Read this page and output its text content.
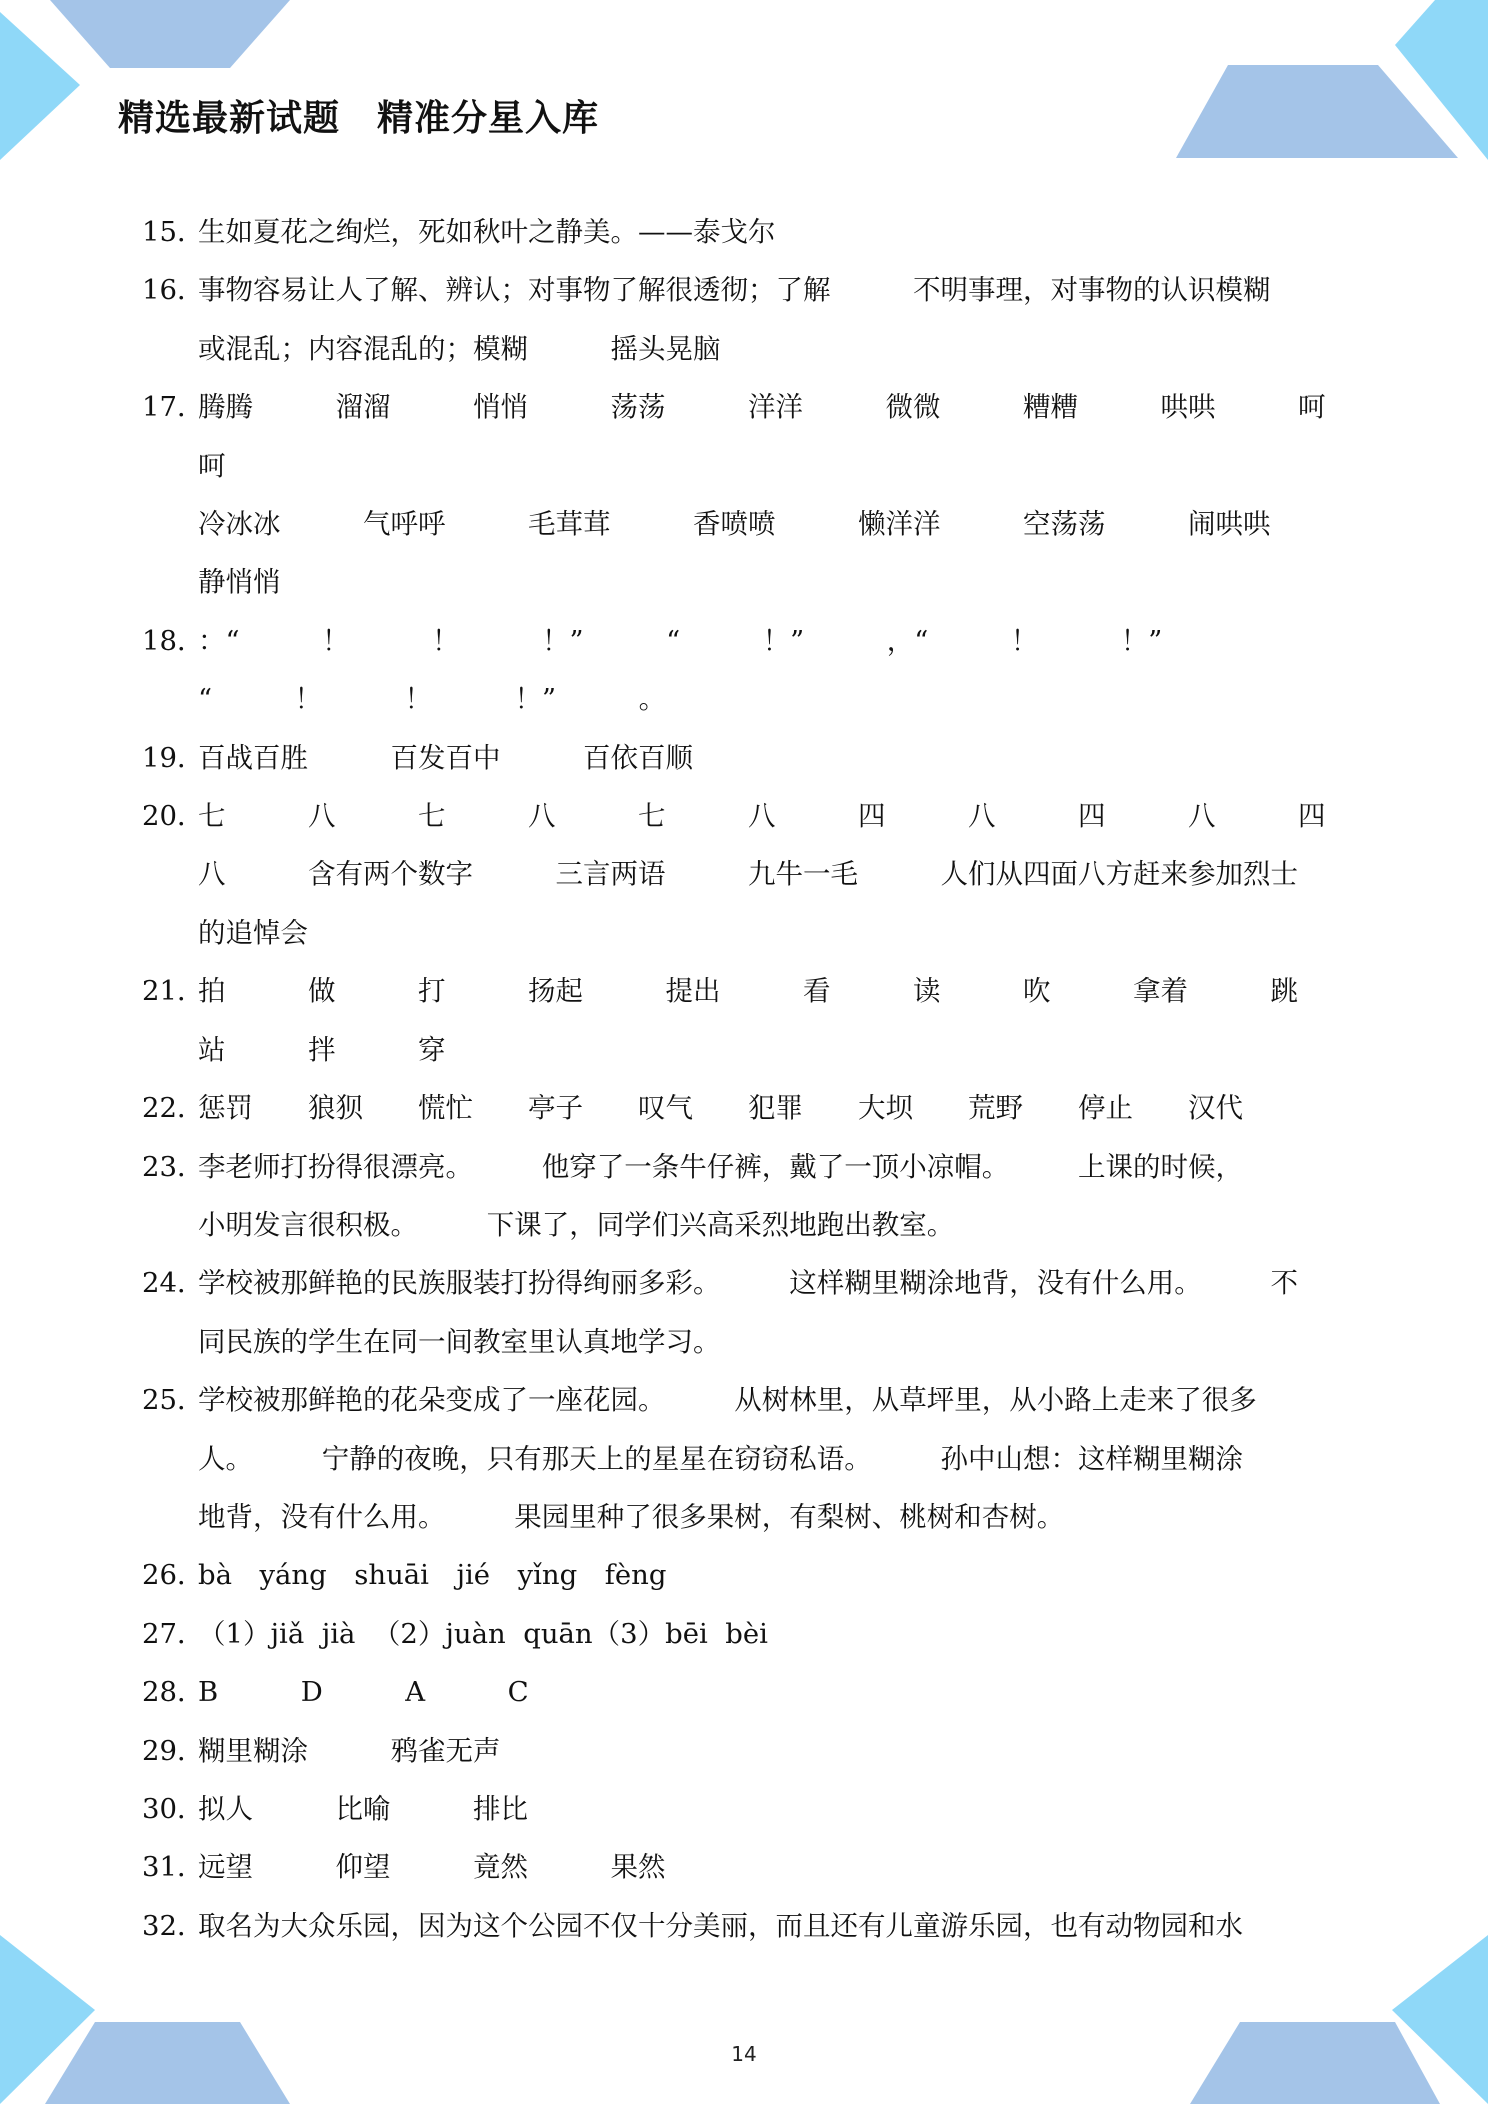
精选最新试题　精准分星入库
15．
生如夏花之绚烂，死如秋叶之静美。——泰戈尔
16．
事物容易让人了解、辨认；对事物了解很透彻；了解　　　不明事理，对事物的认识模糊
或混乱；内容混乱的；模糊　　　摇头晃脑
17．
腾腾　　　溜溜　　　悄悄　　　荡荡　　　洋洋　　　微微　　　糟糟　　　哄哄　　　呵呵
冷冰冰　　　气呼呼　　　毛茸茸　　　香喷喷　　　懒洋洋　　　空荡荡　　　闹哄哄
静悄悄
18．
：“　　　！　　　！　　　！”　　　“　　　！”　　　，“　　　！　　　！”
“　　　！　　　！　　　！”　　　。
19．
百战百胜　　　百发百中　　　百依百顺
20．
七　　　八　　　七　　　八　　　七　　　八　　　四　　　八　　　四　　　八　　　四
八　　　含有两个数字　　　三言两语　　　九牛一毛　　　人们从四面八方赶来参加烈士
的追悼会
21．
拍　　　做　　　打　　　扬起　　　提出　　　看　　　读　　　吹　　　拿着　　　跳
站　　　拌　　　穿
22．
惩罚　　狼狈　　慌忙　　亭子　　叹气　　犯罪　　大坝　　荒野　　停止　　汉代
23．
李老师打扮得很漂亮。　　　他穿了一条牛仔裤，戴了一顶小凉帽。　　　上课的时候，
小明发言很积极。　　　下课了，同学们兴高采烈地跑出教室。
24．
学校被那鲜艳的民族服装打扮得绚丽多彩。　　　这样糊里糊涂地背，没有什么用。　　　不
同民族的学生在同一间教室里认真地学习。
25．
学校被那鲜艳的花朵变成了一座花园。　　　从树林里，从草坪里，从小路上走来了很多
人。　　　宁静的夜晚，只有那天上的星星在窃窃私语。　　　孙中山想：这样糊里糊涂
地背，没有什么用。　　　果园里种了很多果树，有梨树、桃树和杏树。
26．
bà　yáng　shuāi　jié　yǐng　fèng
27．
（1）jiǎ  jià  （2）juàn  quān（3）bēi  bèi
28．
B　　　D　　　A　　　C
29．
糊里糊涂　　　鸦雀无声
30．
拟人　　　比喻　　　排比
31．
远望　　　仰望　　　竟然　　　果然
32．
取名为大众乐园，因为这个公园不仅十分美丽，而且还有儿童游乐园，也有动物园和水
14
